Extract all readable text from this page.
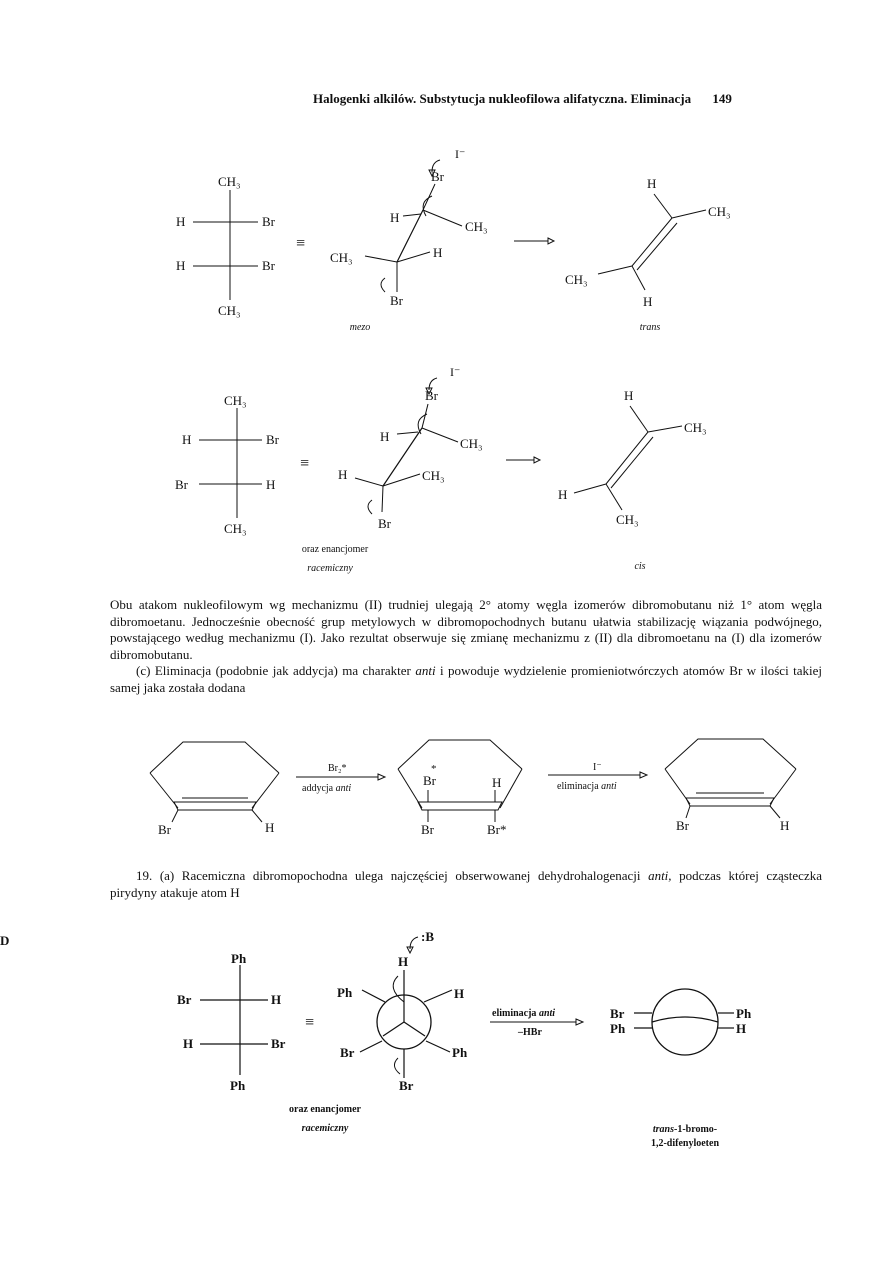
Halogenki alkilów. Substytucja nukleofilowa alifatyczna. Eliminacja 149
D
CH₃
H	Br
H	Br
CH₃
≡
I⁻
Br
H
CH₃
CH₃	H
Br
H
CH₃
CH₃
H
CH₃
H	Br
Br	H
CH₃
≡
I⁻
Br
H	CH₃
H	CH₃
Br
H
CH₃
H
CH₃
Br	H
Br₂*
addycja anti
*
Br	H
Br	Br*
I⁻
eliminacja anti
Br	H
Ph
Br	H
H	Br
Ph
≡
:B
H
Ph	H
Br	Ph
Br
eliminacja anti
–HBr
Br
Ph
Ph
H
mezo	trans
oraz enancjomer
racemiczny	cis

Obu atakom nukleofilowym wg mechanizmu (II) trudniej ulegają 2° atomy węgla izomerów dibromobutanu niż 1° atom węgla dibromoetanu. Jednocześnie obecność grup metylowych w dibromopochodnych butanu ułatwia stabilizację wiązania podwójnego, powstającego według mechanizmu (I). Jako rezultat obserwuje się zmianę mechanizmu z (II) dla dibromoetanu na (I) dla izomerów dibromobutanu.

(c) Eliminacja (podobnie jak addycja) ma charakter anti i powoduje wydzielenie promieniotwórczych atomów Br w ilości takiej samej jaka została dodana

19. (a) Racemiczna dibromopochodna ulega najczęściej obserwowanej dehydrohalogenacji anti, podczas której cząsteczka pirydyny atakuje atom H

oraz enancjomer
racemiczny	trans-1-bromo-
1,2-difenyloeten
